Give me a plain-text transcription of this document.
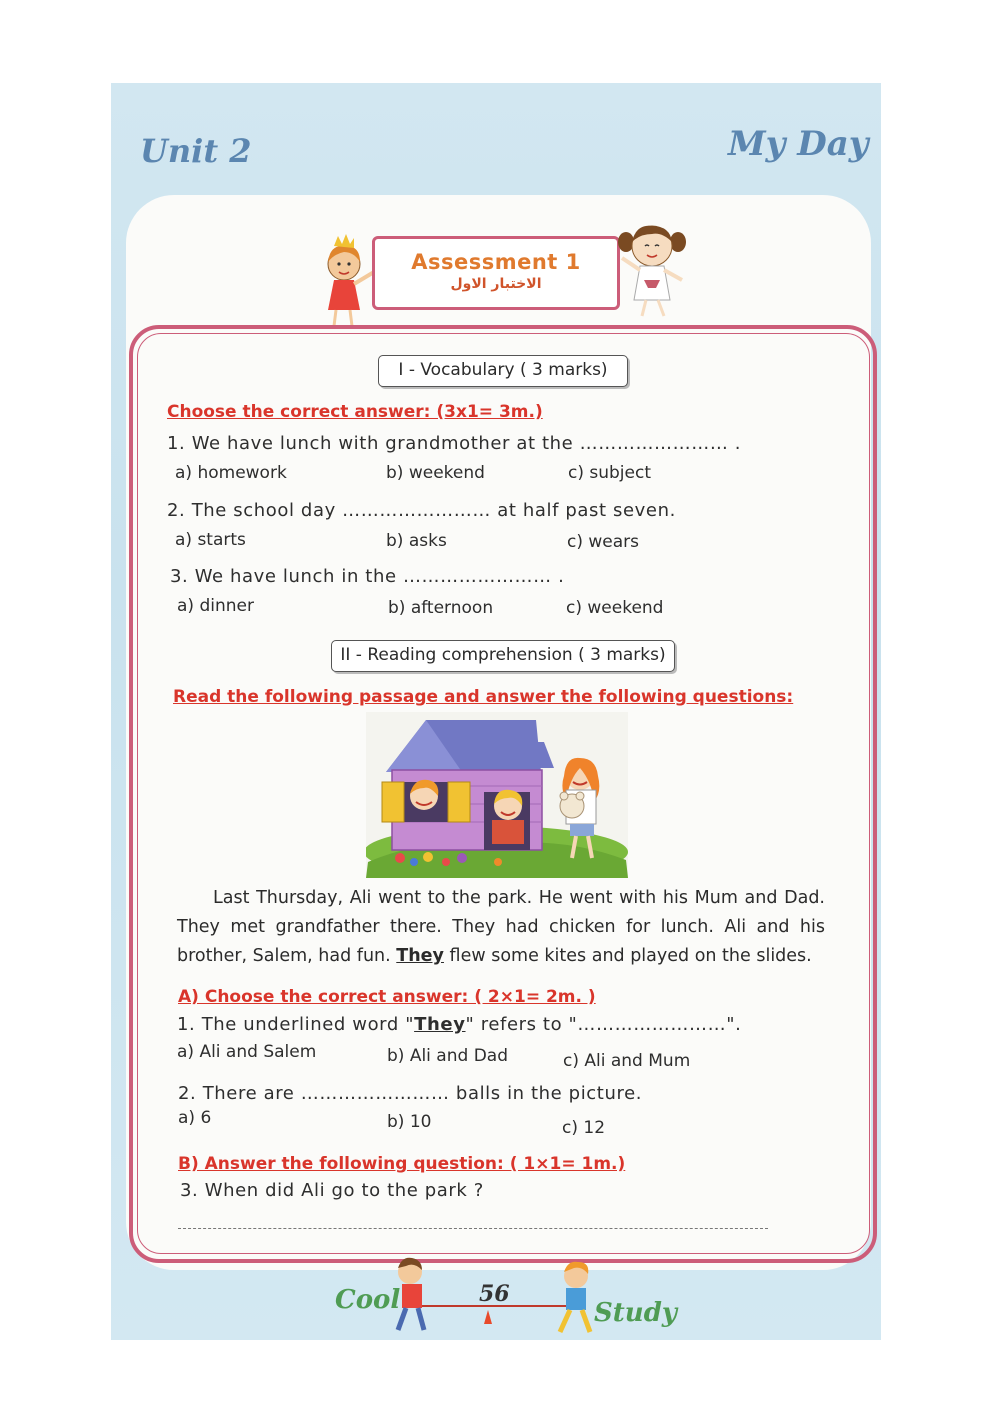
Unit 2	My Day
Assessment 1
الاختبار الاول
I - Vocabulary ( 3 marks)
Choose the correct answer: (3x1= 3m.)
1. We have lunch with grandmother at the …………………… .
a) homework	b) weekend	c) subject
2. The school day …………………… at half past seven.
a) starts	b) asks	c) wears
3. We have lunch in the …………………… .
a) dinner	b) afternoon	c) weekend
II - Reading comprehension ( 3 marks)
Read the following passage and answer the following questions:
Last Thursday, Ali went to the park. He went with his Mum and Dad. They met grandfather there. They had chicken for lunch. Ali and his brother, Salem, had fun. They flew some kites and played on the slides.
A) Choose the correct answer: ( 2×1= 2m. )
1. The underlined word "They" refers to "……………………".
a) Ali and Salem	b) Ali and Dad	c) Ali and Mum
2. There are …………………… balls in the picture.
a) 6	b) 10	c) 12
B) Answer the following question: ( 1×1= 1m.)
3. When did Ali go to the park ?
Cool	56
Study
